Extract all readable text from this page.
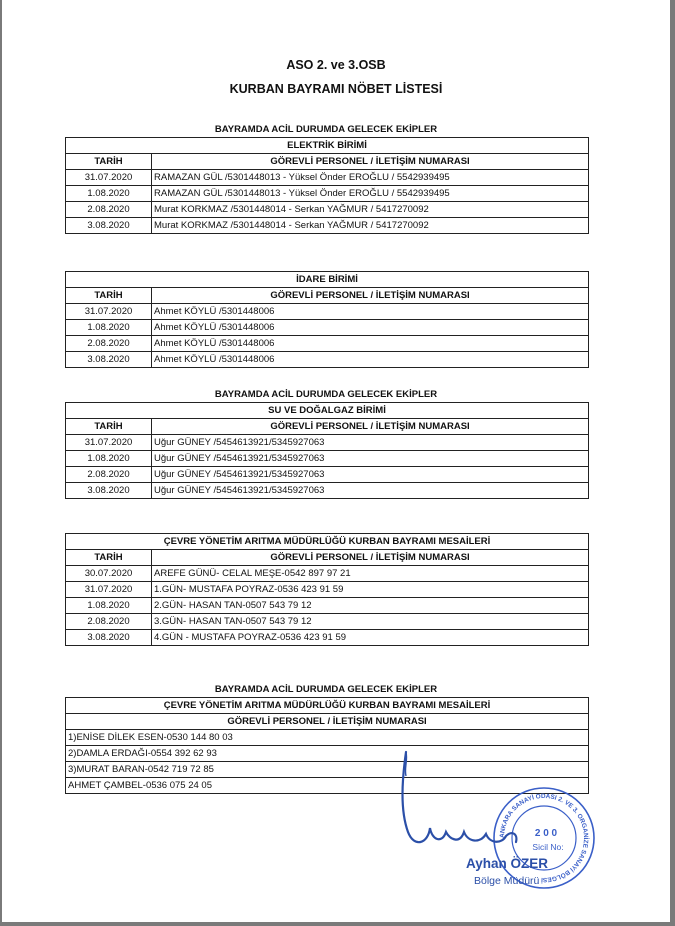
ASO 2. ve 3.OSB
KURBAN BAYRAMI NÖBET LİSTESİ
BAYRAMDA ACİL DURUMDA GELECEK EKİPLER
ELEKTRİK BİRİMİ	
TARİH	GÖREVLİ PERSONEL / İLETİŞİM NUMARASI
31.07.2020	RAMAZAN GÜL /5301448013 - Yüksel Önder EROĞLU / 5542939495
1.08.2020	RAMAZAN GÜL /5301448013 - Yüksel Önder EROĞLU / 5542939495
2.08.2020	Murat KORKMAZ /5301448014 - Serkan YAĞMUR / 5417270092
3.08.2020	Murat KORKMAZ /5301448014 - Serkan YAĞMUR / 5417270092
İDARE BİRİMİ	
TARİH	GÖREVLİ PERSONEL / İLETİŞİM NUMARASI
31.07.2020	Ahmet KÖYLÜ /5301448006
1.08.2020	Ahmet KÖYLÜ /5301448006
2.08.2020	Ahmet KÖYLÜ /5301448006
3.08.2020	Ahmet KÖYLÜ /5301448006
BAYRAMDA ACİL DURUMDA GELECEK EKİPLER
SU VE DOĞALGAZ BİRİMİ	
TARİH	GÖREVLİ PERSONEL / İLETİŞİM NUMARASI
31.07.2020	Uğur GÜNEY /5454613921/5345927063
1.08.2020	Uğur GÜNEY /5454613921/5345927063
2.08.2020	Uğur GÜNEY /5454613921/5345927063
3.08.2020	Uğur GÜNEY /5454613921/5345927063
ÇEVRE YÖNETİM ARITMA MÜDÜRLÜĞÜ KURBAN BAYRAMI MESAİLERİ	
TARİH	GÖREVLİ PERSONEL / İLETİŞİM NUMARASI
30.07.2020	AREFE GÜNÜ- CELAL MEŞE-0542 897 97 21
31.07.2020	1.GÜN- MUSTAFA POYRAZ-0536 423 91 59
1.08.2020	2.GÜN- HASAN TAN-0507 543 79 12
2.08.2020	3.GÜN- HASAN TAN-0507 543 79 12
3.08.2020	4.GÜN - MUSTAFA POYRAZ-0536 423 91 59
BAYRAMDA ACİL DURUMDA GELECEK EKİPLER
ÇEVRE YÖNETİM ARITMA MÜDÜRLÜĞÜ KURBAN BAYRAMI MESAİLERİ
GÖREVLİ PERSONEL / İLETİŞİM NUMARASI
1)ENİSE DİLEK ESEN-0530 144 80 03
2)DAMLA ERDAĞI-0554 392 62 93
3)MURAT BARAN-0542 719 72 85
AHMET ÇAMBEL-0536 075 24 05
ANKARA SANAYİ ODASI 2. VE 3. ORGANİZE SANAYİ BÖLGESİ
2 0 0
Sicil No:
Ayhan ÖZER
Bölge Müdürü
